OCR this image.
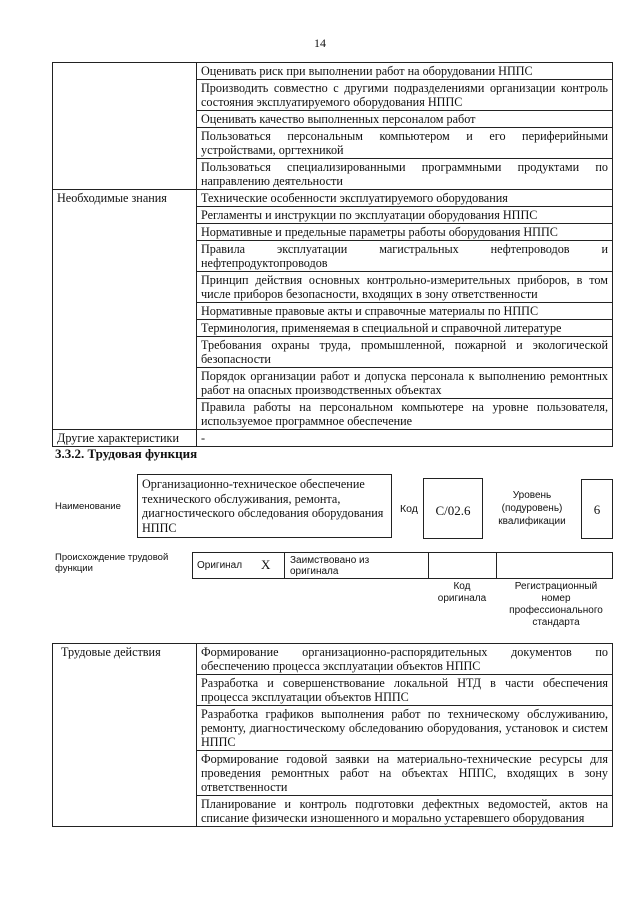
14
	Оценивать риск при выполнении работ на оборудовании НППС
	Производить совместно с другими подразделениями организации контроль состояния эксплуатируемого оборудования НППС
	Оценивать качество выполненных персоналом работ
	Пользоваться персональным компьютером и его периферийными устройствами, оргтехникой
	Пользоваться специализированными программными продуктами по направлению деятельности
Необходимые знания	Технические особенности эксплуатируемого оборудования
	Регламенты и инструкции по эксплуатации оборудования НППС
	Нормативные и предельные параметры работы оборудования НППС
	Правила эксплуатации магистральных нефтепроводов и нефтепродуктопроводов
	Принцип действия основных контрольно-измерительных приборов, в том числе приборов безопасности, входящих в зону ответственности
	Нормативные правовые акты и справочные материалы по НППС
	Терминология, применяемая в специальной и справочной литературе
	Требования охраны труда, промышленной, пожарной и экологической безопасности
	Порядок организации работ и допуска персонала к выполнению ремонтных работ на опасных производственных объектах
	Правила работы на персональном компьютере на уровне пользователя, используемое программное обеспечение
Другие характеристики	-
3.3.2. Трудовая функция
Наименование
Организационно-техническое обеспечение технического обслуживания, ремонта, диагностического обследования оборудования НППС
Код	C/02.6
Уровень (подуровень) квалификации
6
Происхождение трудовой функции	Оригинал X Заимствовано из оригинала
Код оригинала
Регистрационный номер профессионального стандарта
Трудовые действия	Формирование организационно-распорядительных документов по обеспечению процесса эксплуатации объектов НППС
Разработка и совершенствование локальной НТД в части обеспечения процесса эксплуатации объектов НППС
Разработка графиков выполнения работ по техническому обслуживанию, ремонту, диагностическому обследованию оборудования, установок и систем НППС
Формирование годовой заявки на материально-технические ресурсы для проведения ремонтных работ на объектах НППС, входящих в зону ответственности
Планирование и контроль подготовки дефектных ведомостей, актов на списание физически изношенного и морально устаревшего оборудования
